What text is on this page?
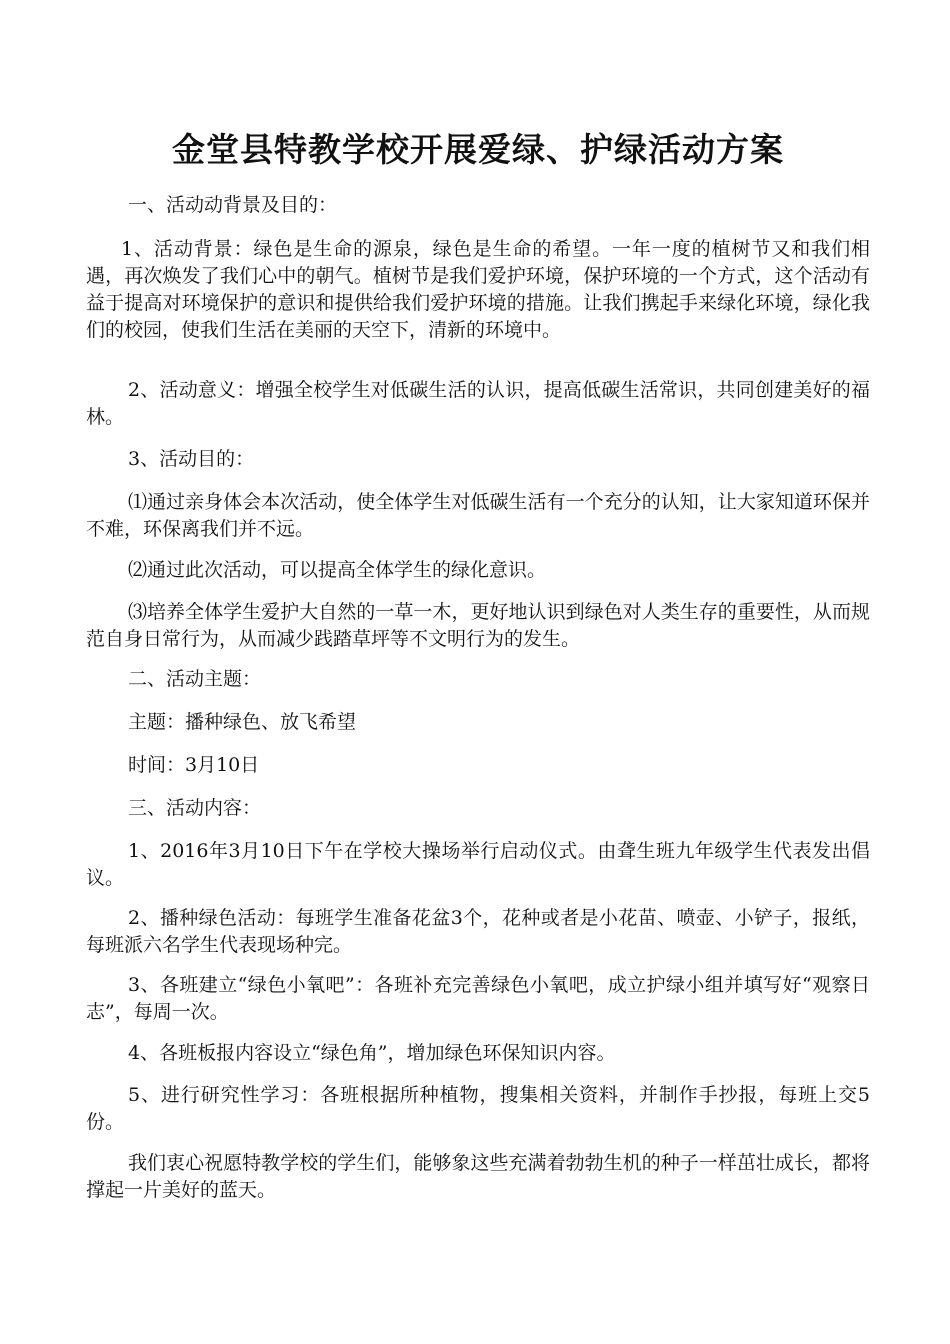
金堂县特教学校开展爱绿、护绿活动方案

一、活动动背景及目的：

1、活动背景：绿色是生命的源泉，绿色是生命的希望。一年一度的植树节又和我们相遇，再次焕发了我们心中的朝气。植树节是我们爱护环境，保护环境的一个方式，这个活动有益于提高对环境保护的意识和提供给我们爱护环境的措施。让我们携起手来绿化环境，绿化我们的校园，使我们生活在美丽的天空下，清新的环境中。

2、活动意义：增强全校学生对低碳生活的认识，提高低碳生活常识，共同创建美好的福林。

3、活动目的：

⑴通过亲身体会本次活动，使全体学生对低碳生活有一个充分的认知，让大家知道环保并不难，环保离我们并不远。

⑵通过此次活动，可以提高全体学生的绿化意识。

⑶培养全体学生爱护大自然的一草一木，更好地认识到绿色对人类生存的重要性，从而规范自身日常行为，从而减少践踏草坪等不文明行为的发生。

二、活动主题：

主题：播种绿色、放飞希望

时间：3月10日

三、活动内容：

1、2016年3月10日下午在学校大操场举行启动仪式。由聋生班九年级学生代表发出倡议。

2、播种绿色活动：每班学生准备花盆3个，花种或者是小花苗、喷壶、小铲子，报纸，每班派六名学生代表现场种完。

3、各班建立“绿色小氧吧”：各班补充完善绿色小氧吧，成立护绿小组并填写好“观察日志”，每周一次。

4、各班板报内容设立“绿色角”，增加绿色环保知识内容。

5、进行研究性学习：各班根据所种植物，搜集相关资料，并制作手抄报，每班上交5份。

我们衷心祝愿特教学校的学生们，能够象这些充满着勃勃生机的种子一样茁壮成长，都将撑起一片美好的蓝天。
